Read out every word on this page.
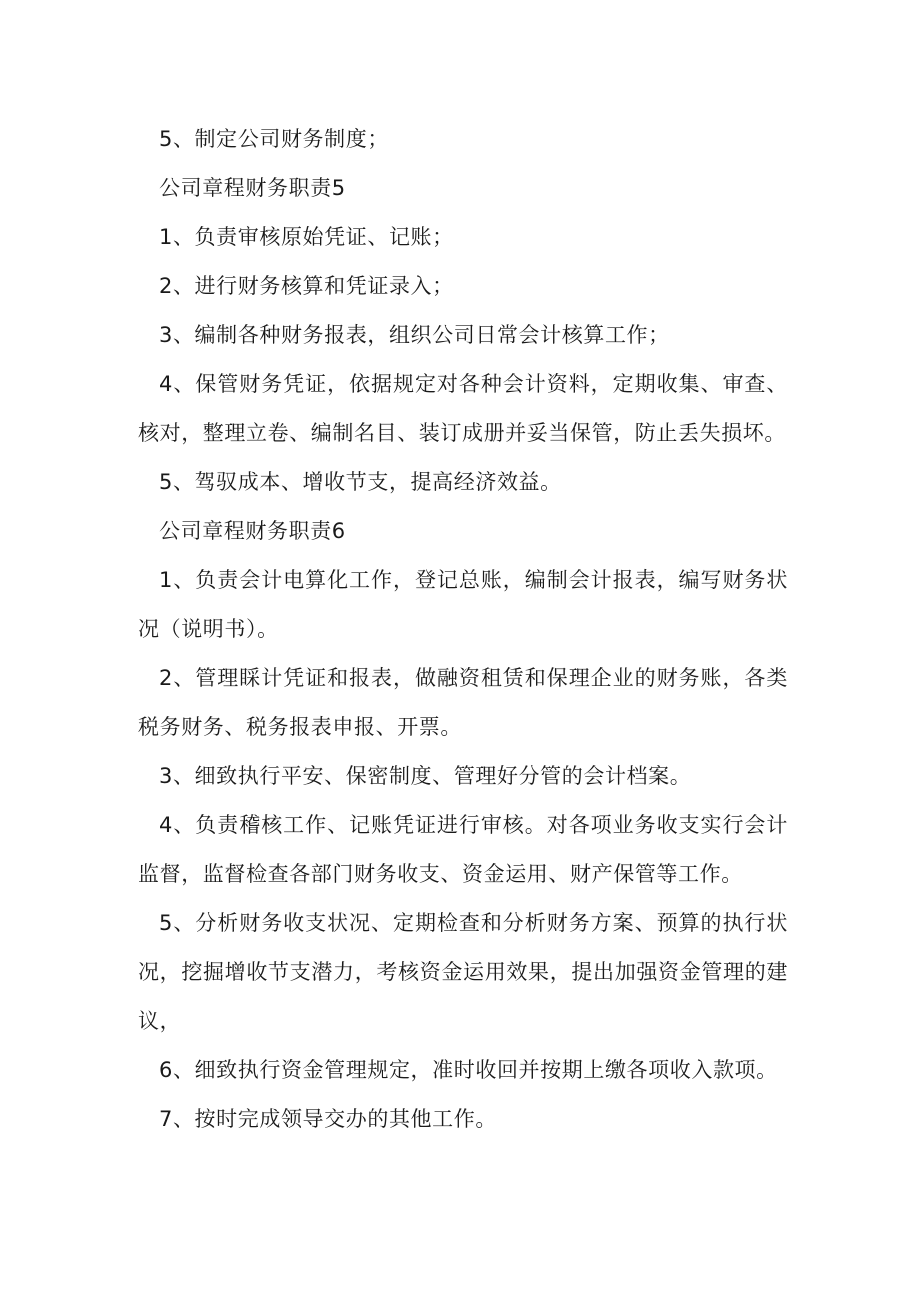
5、制定公司财务制度；

公司章程财务职责5

1、负责审核原始凭证、记账；

2、进行财务核算和凭证录入；

3、编制各种财务报表，组织公司日常会计核算工作；

4、保管财务凭证，依据规定对各种会计资料，定期收集、审查、核对，整理立卷、编制名目、装订成册并妥当保管，防止丢失损坏。

5、驾驭成本、增收节支，提高经济效益。

公司章程财务职责6

1、负责会计电算化工作，登记总账，编制会计报表，编写财务状况（说明书）。

2、管理睬计凭证和报表，做融资租赁和保理企业的财务账，各类税务财务、税务报表申报、开票。

3、细致执行平安、保密制度、管理好分管的会计档案。

4、负责稽核工作、记账凭证进行审核。对各项业务收支实行会计监督，监督检查各部门财务收支、资金运用、财产保管等工作。

5、分析财务收支状况、定期检查和分析财务方案、预算的执行状况，挖掘增收节支潜力，考核资金运用效果，提出加强资金管理的建议，

6、细致执行资金管理规定，准时收回并按期上缴各项收入款项。

7、按时完成领导交办的其他工作。
